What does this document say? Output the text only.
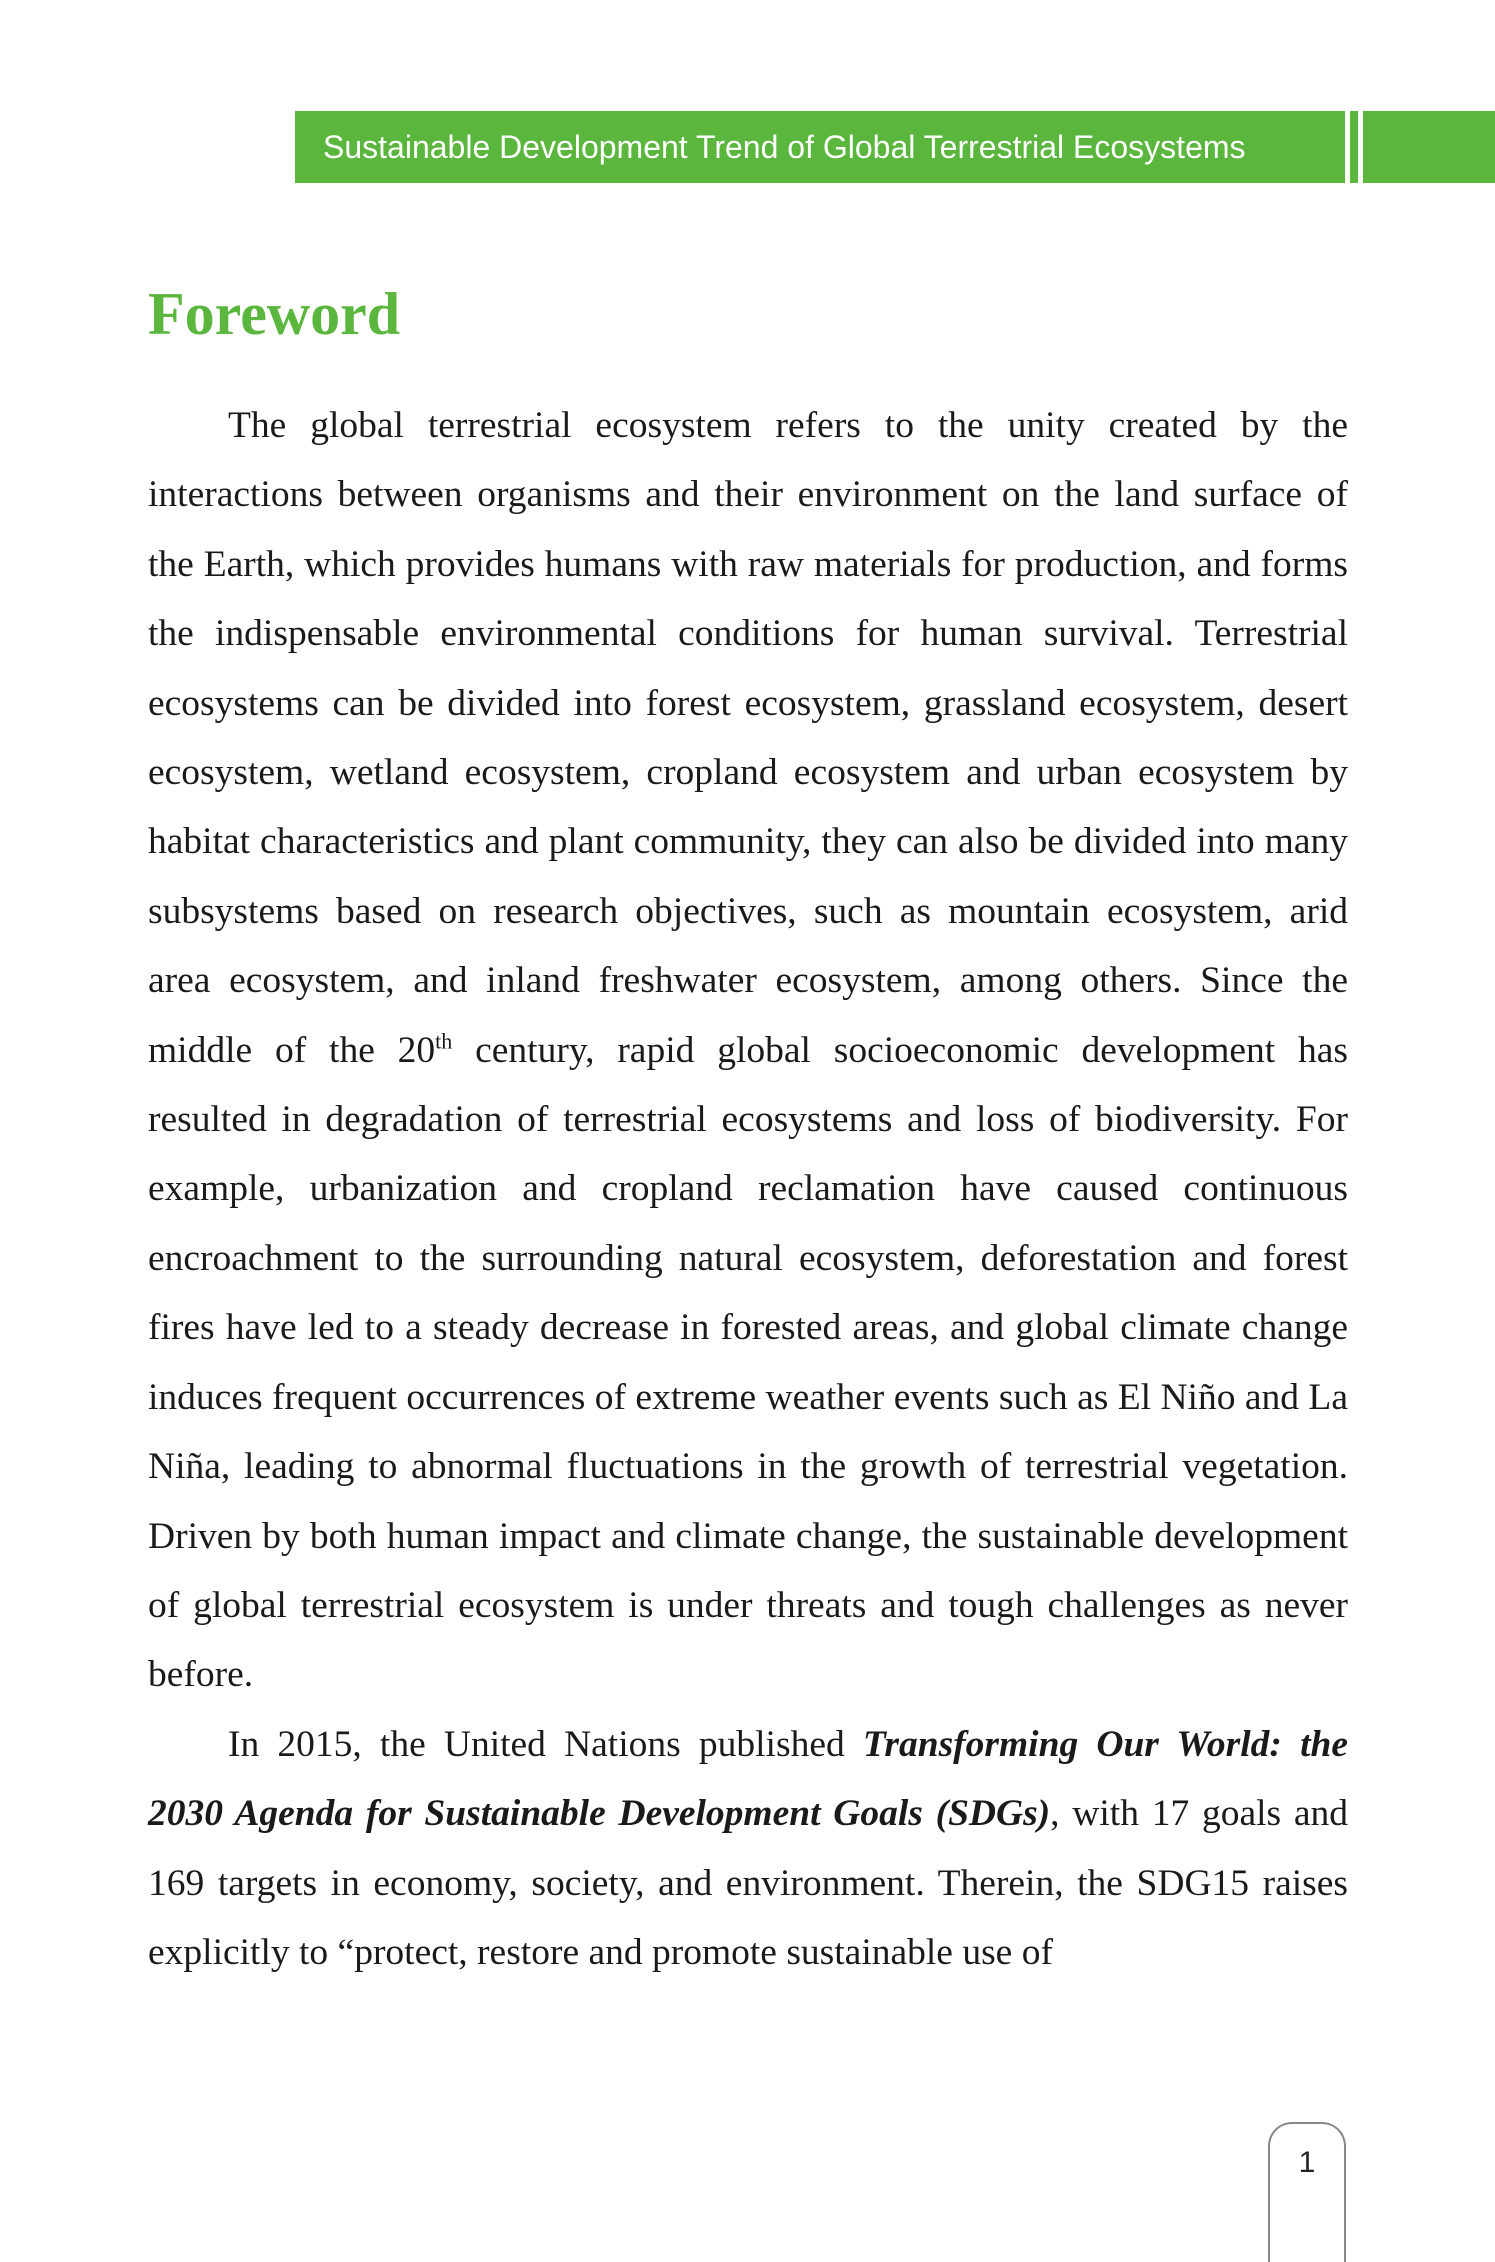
Sustainable Development Trend of Global Terrestrial Ecosystems
Foreword

The global terrestrial ecosystem refers to the unity created by the interactions between organisms and their environment on the land surface of the Earth, which provides humans with raw materials for production, and forms the indispensable environmental conditions for human survival. Terrestrial ecosystems can be divided into forest ecosystem, grassland ecosystem, desert ecosystem, wetland ecosystem, cropland ecosystem and urban ecosystem by habitat characteristics and plant community, they can also be divided into many subsystems based on research objectives, such as mountain ecosystem, arid area ecosystem, and inland freshwater ecosystem, among others. Since the middle of the 20th century, rapid global socioeconomic development has resulted in degradation of terrestrial ecosystems and loss of biodiversity. For example, urbanization and cropland reclamation have caused continuous encroachment to the surrounding natural ecosystem, deforestation and forest fires have led to a steady decrease in forested areas, and global climate change induces frequent occurrences of extreme weather events such as El Niño and La Niña, leading to abnormal fluctuations in the growth of terrestrial vegetation. Driven by both human impact and climate change, the sustainable development of global terrestrial ecosystem is under threats and tough challenges as never before.

In 2015, the United Nations published Transforming Our World: the 2030 Agenda for Sustainable Development Goals (SDGs), with 17 goals and 169 targets in economy, society, and environment. Therein, the SDG15 raises explicitly to “protect, restore and promote sustainable use of

1
